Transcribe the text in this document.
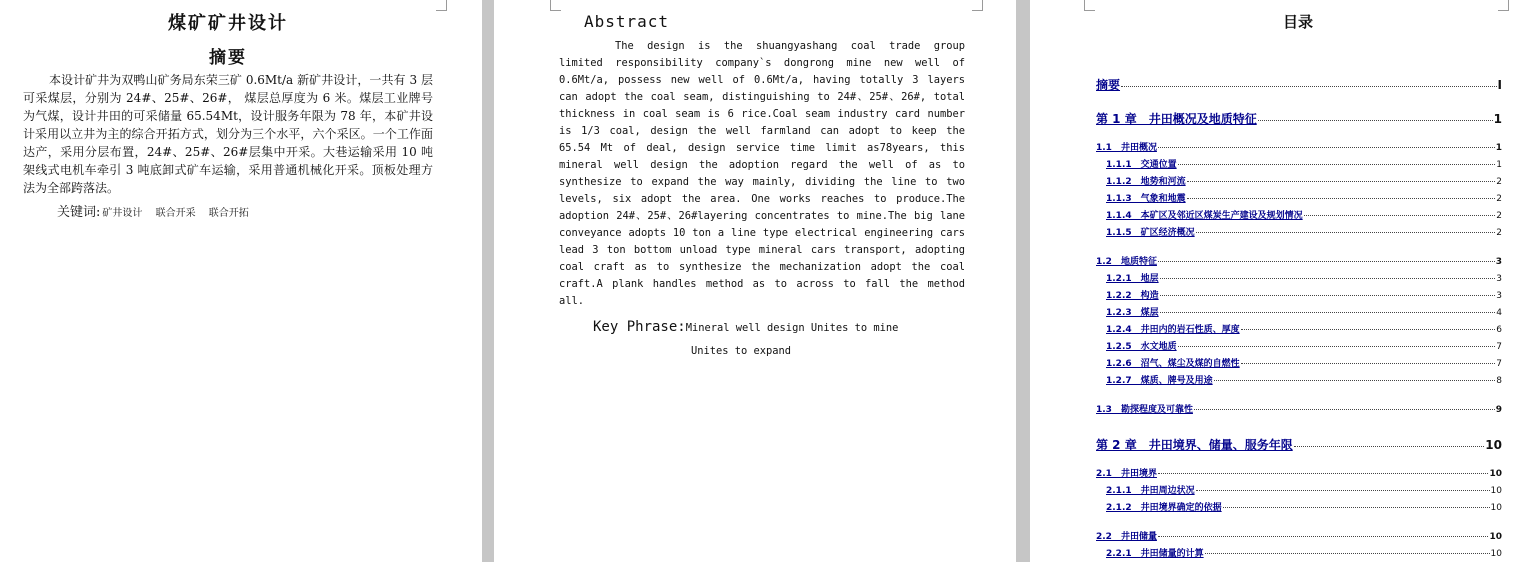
煤矿矿井设计
摘要
本设计矿井为双鸭山矿务局东荣三矿 0.6Mt/a 新矿井设计，一共有 3 层可采煤层，分别为 24#、25#、26#， 煤层总厚度为 6 米。煤层工业牌号为气煤，设计井田的可采储量 65.54Mt，设计服务年限为 78 年，本矿井设计采用以立井为主的综合开拓方式，划分为三个水平，六个采区。一个工作面达产，采用分层布置，24#、25#、26#层集中开采。大巷运输采用 10 吨架线式电机车牵引 3 吨底卸式矿车运输，采用普通机械化开采。顶板处理方法为全部跨落法。
关键词: 矿井设计 联合开采 联合开拓
Abstract
The design is the shuangyashang coal trade group limited responsibility company`s dongrong mine new well of 0.6Mt/a, possess new well of 0.6Mt/a, having totally 3 layers can adopt the coal seam, distinguishing to 24#、25#、26#, total thickness in coal seam is 6 rice.Coal seam industry card number is 1/3 coal, design the well farmland can adopt to keep the 65.54 Mt of deal, design service time limit as78years, this mineral well design the adoption regard the well of as to synthesize to expand the way mainly, dividing the line to two levels, six adopt the area. One works reaches to produce.The adoption 24#、25#、26#layering concentrates to mine.The big lane conveyance adopts 10 ton a line type electrical engineering cars lead 3 ton bottom unload type mineral cars transport, adopting coal craft as to synthesize the mechanization adopt the coal craft.A plank handles method as to across to fall the method all.
Key Phrase:Mineral well design Unites to mine
Unites to expand
目录
摘要	I
第 1 章　井田概况及地质特征	1
1.1　井田概况	1
1.1.1　交通位置	1
1.1.2　地势和河流	2
1.1.3　气象和地震	2
1.1.4　本矿区及邻近区煤炭生产建设及规划情况	2
1.1.5　矿区经济概况	2
1.2　地质特征	3
1.2.1　地层	3
1.2.2　构造	3
1.2.3　煤层	4
1.2.4　井田内的岩石性质、厚度	6
1.2.5　水文地质	7
1.2.6　沼气、煤尘及煤的自燃性	7
1.2.7　煤质、牌号及用途	8
1.3　勘探程度及可靠性	9
第 2 章　井田境界、储量、服务年限	10
2.1　井田境界	10
2.1.1　井田周边状况	10
2.1.2　井田境界确定的依据	10
2.2　井田储量	10
2.2.1　井田储量的计算	10
